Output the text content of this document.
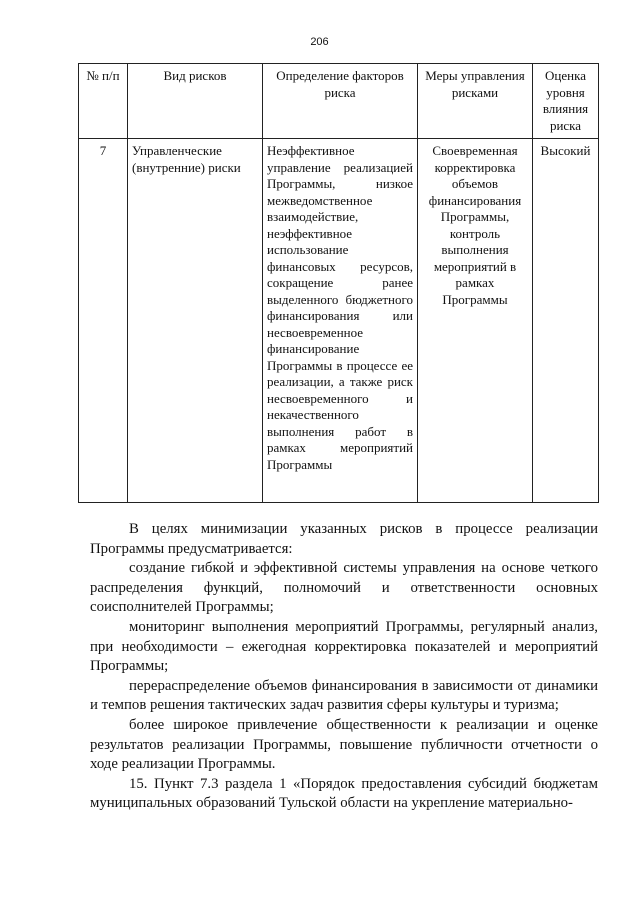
206
№ п/п	Вид рисков	Определение факторов риска	Меры управления рисками	Оценка уровня влияния риска
7	Управленческие (внутренние) риски	Неэффективное управление реализацией Программы, низкое межведомственное взаимодействие, неэффективное использование финансовых ресурсов, сокращение ранее выделенного бюджетного финансирования или несвоевременное финансирование Программы в процессе ее реализации, а также риск несвоевременного и некачественного выполнения работ в рамках мероприятий Программы	Своевременная корректировка объемов финансирования Программы, контроль выполнения мероприятий в рамках Программы	Высокий

В целях минимизации указанных рисков в процессе реализации Программы предусматривается:

создание гибкой и эффективной системы управления на основе четкого распределения функций, полномочий и ответственности основных соисполнителей Программы;

мониторинг выполнения мероприятий Программы, регулярный анализ, при необходимости – ежегодная корректировка показателей и мероприятий Программы;

перераспределение объемов финансирования в зависимости от динамики и темпов решения тактических задач развития сферы культуры и туризма;

более широкое привлечение общественности к реализации и оценке результатов реализации Программы, повышение публичности отчетности о ходе реализации Программы.

15. Пункт 7.3 раздела 1 «Порядок предоставления субсидий бюджетам муниципальных образований Тульской области на укрепление материально-
